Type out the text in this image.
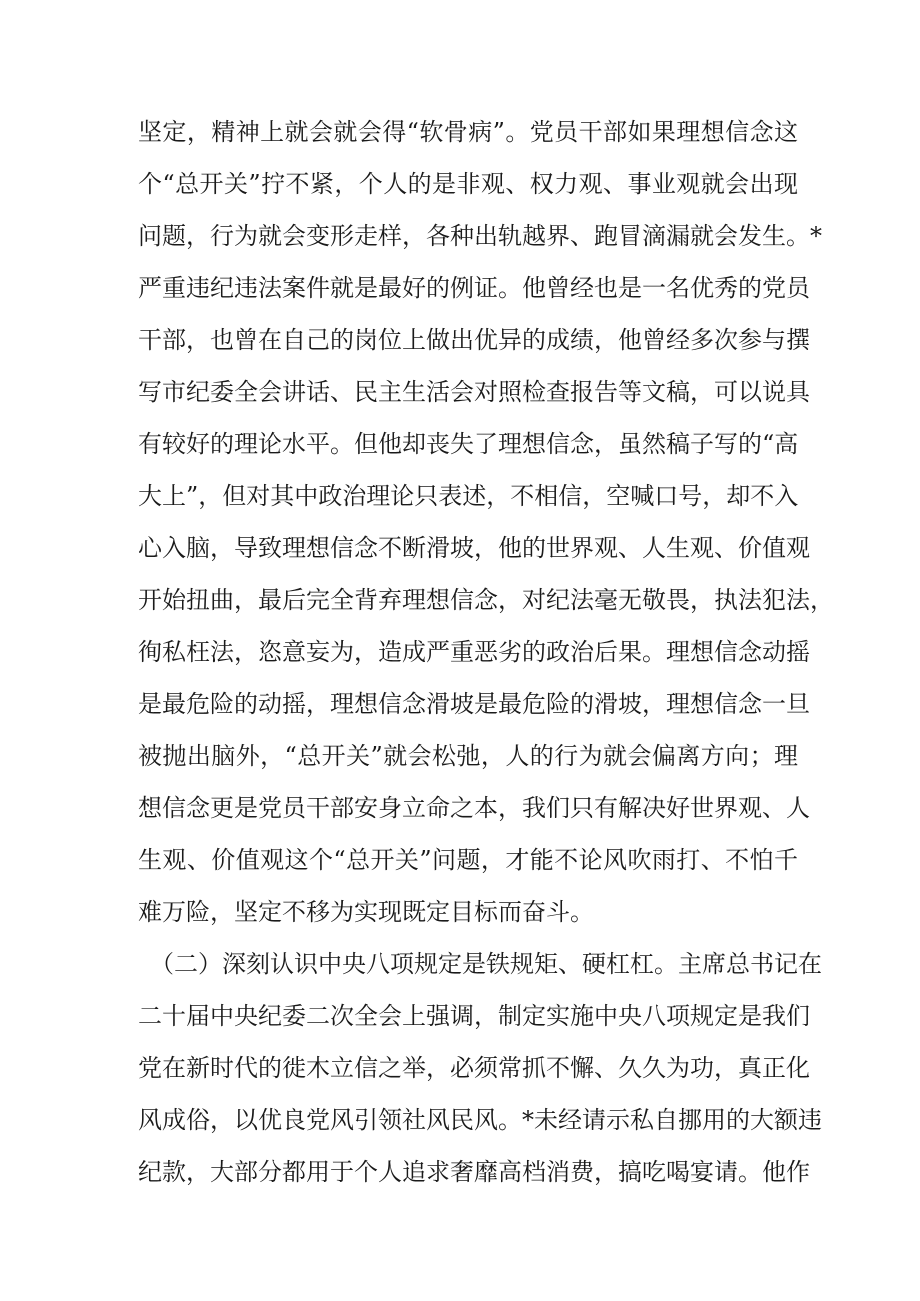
坚定，精神上就会就会得“软骨病”。党员干部如果理想信念这
个“总开关”拧不紧，个人的是非观、权力观、事业观就会出现
问题，行为就会变形走样，各种出轨越界、跑冒滴漏就会发生。*
严重违纪违法案件就是最好的例证。他曾经也是一名优秀的党员
干部，也曾在自己的岗位上做出优异的成绩，他曾经多次参与撰
写市纪委全会讲话、民主生活会对照检查报告等文稿，可以说具
有较好的理论水平。但他却丧失了理想信念，虽然稿子写的“高
大上”，但对其中政治理论只表述，不相信，空喊口号，却不入
心入脑，导致理想信念不断滑坡，他的世界观、人生观、价值观
开始扭曲，最后完全背弃理想信念，对纪法毫无敬畏，执法犯法，
徇私枉法，恣意妄为，造成严重恶劣的政治后果。理想信念动摇
是最危险的动摇，理想信念滑坡是最危险的滑坡，理想信念一旦
被抛出脑外，“总开关”就会松弛，人的行为就会偏离方向；理
想信念更是党员干部安身立命之本，我们只有解决好世界观、人
生观、价值观这个“总开关”问题，才能不论风吹雨打、不怕千
难万险，坚定不移为实现既定目标而奋斗。
（二）深刻认识中央八项规定是铁规矩、硬杠杠。主席总书记在
二十届中央纪委二次全会上强调，制定实施中央八项规定是我们
党在新时代的徙木立信之举，必须常抓不懈、久久为功，真正化
风成俗，以优良党风引领社风民风。*未经请示私自挪用的大额违
纪款，大部分都用于个人追求奢靡高档消费，搞吃喝宴请。他作
